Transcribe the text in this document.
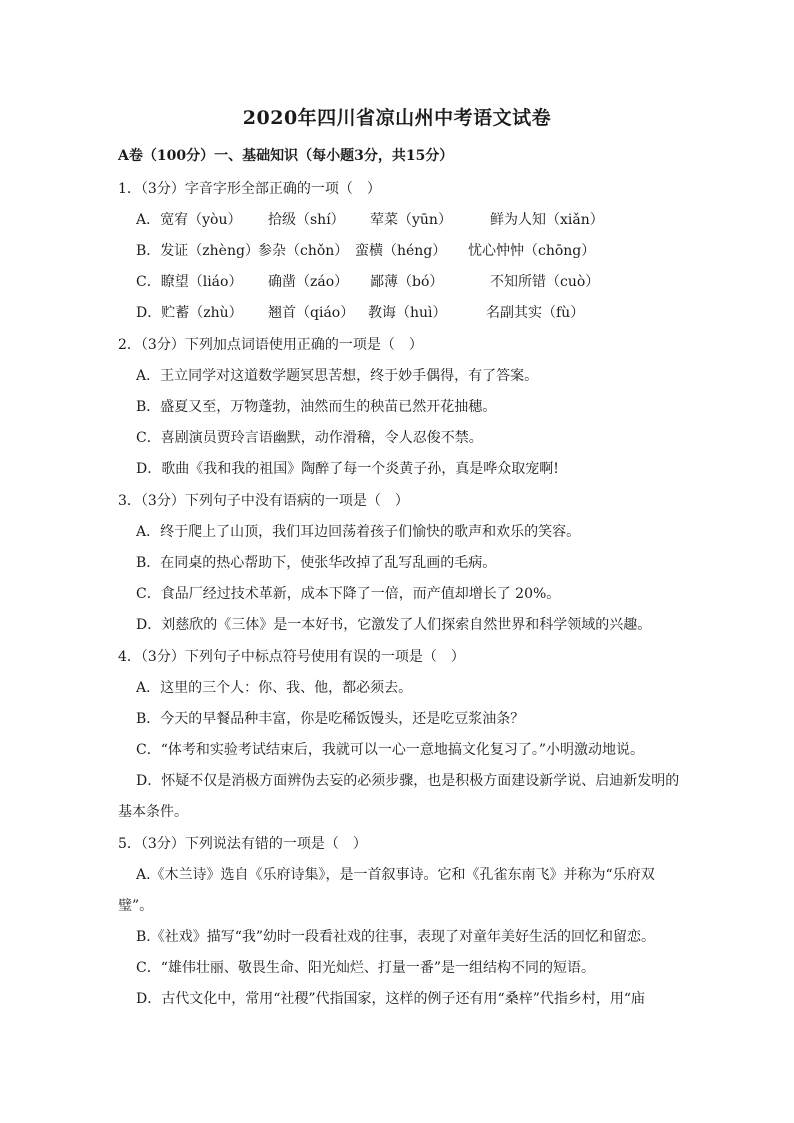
2020年四川省凉山州中考语文试卷
A卷（100分）一、基础知识（每小题3分，共15分）
1．（3分）字音字形全部正确的一项（　）
A．宽宥（yòu） 拾级（shí） 荤菜（yūn）	鲜为人知（xiǎn）
B．发证（zhèng） 参杂（chǒn） 蛮横（héng） 忧心忡忡（chōng）
C．瞭望（liáo） 确凿（záo） 鄙薄（bó）	不知所错（cuò）
D．贮蓄（zhù） 翘首（qiáo） 教诲（huì）	名副其实（fù）
2．（3分）下列加点词语使用正确的一项是（　）
A．王立同学对这道数学题冥思苦想，终于妙手偶得，有了答案。
B．盛夏又至，万物蓬勃，油然而生的秧苗已然开花抽穗。
C．喜剧演员贾玲言语幽默，动作滑稽，令人忍俊不禁。
D．歌曲《我和我的祖国》陶醉了每一个炎黄子孙，真是哗众取宠啊!
3．（3分）下列句子中没有语病的一项是（　）
A．终于爬上了山顶，我们耳边回荡着孩子们愉快的歌声和欢乐的笑容。
B．在同桌的热心帮助下，使张华改掉了乱写乱画的毛病。
C．食品厂经过技术革新，成本下降了一倍，而产值却增长了 20%。
D．刘慈欣的《三体》是一本好书，它激发了人们探索自然世界和科学领域的兴趣。
4．（3分）下列句子中标点符号使用有误的一项是（　）
A．这里的三个人：你、我、他，都必须去。
B．今天的早餐品种丰富，你是吃稀饭馒头，还是吃豆浆油条？
C．“体考和实验考试结束后，我就可以一心一意地搞文化复习了。”小明激动地说。
D．怀疑不仅是消极方面辨伪去妄的必须步骤，也是积极方面建设新学说、启迪新发明的
基本条件。
5．（3分）下列说法有错的一项是（　）
A.《木兰诗》选自《乐府诗集》，是一首叙事诗。它和《孔雀东南飞》并称为“乐府双
璧”。
B.《社戏》描写“我”幼时一段看社戏的往事，表现了对童年美好生活的回忆和留恋。
C．“雄伟壮丽、敬畏生命、阳光灿烂、打量一番”是一组结构不同的短语。
D．古代文化中，常用“社稷”代指国家，这样的例子还有用“桑梓”代指乡村，用“庙
